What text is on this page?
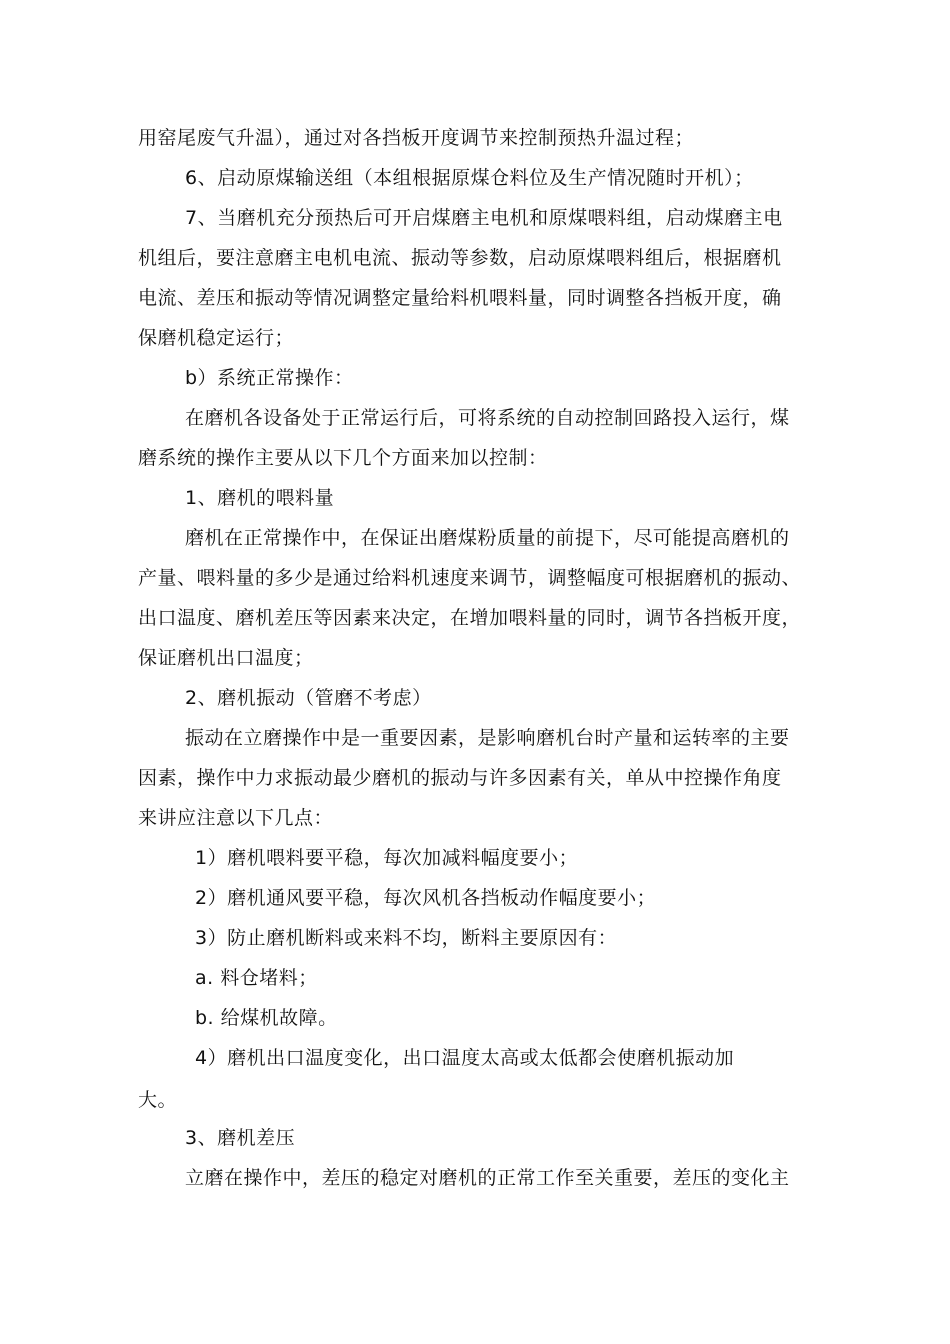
用窑尾废气升温），通过对各挡板开度调节来控制预热升温过程；
6、启动原煤输送组（本组根据原煤仓料位及生产情况随时开机）；
7、当磨机充分预热后可开启煤磨主电机和原煤喂料组，启动煤磨主电
机组后，要注意磨主电机电流、振动等参数，启动原煤喂料组后，根据磨机
电流、差压和振动等情况调整定量给料机喂料量，同时调整各挡板开度，确
保磨机稳定运行；
b）系统正常操作：
在磨机各设备处于正常运行后，可将系统的自动控制回路投入运行，煤
磨系统的操作主要从以下几个方面来加以控制：
1、磨机的喂料量
磨机在正常操作中，在保证出磨煤粉质量的前提下，尽可能提高磨机的
产量、喂料量的多少是通过给料机速度来调节，调整幅度可根据磨机的振动、
出口温度、磨机差压等因素来决定，在增加喂料量的同时，调节各挡板开度，
保证磨机出口温度；
2、磨机振动（管磨不考虑）
振动在立磨操作中是一重要因素，是影响磨机台时产量和运转率的主要
因素，操作中力求振动最少磨机的振动与许多因素有关，单从中控操作角度
来讲应注意以下几点：
1）磨机喂料要平稳，每次加减料幅度要小；
2）磨机通风要平稳，每次风机各挡板动作幅度要小；
3）防止磨机断料或来料不均，断料主要原因有：
a. 料仓堵料；
b. 给煤机故障。
4）磨机出口温度变化，出口温度太高或太低都会使磨机振动加
大。
3、磨机差压
立磨在操作中，差压的稳定对磨机的正常工作至关重要，差压的变化主
